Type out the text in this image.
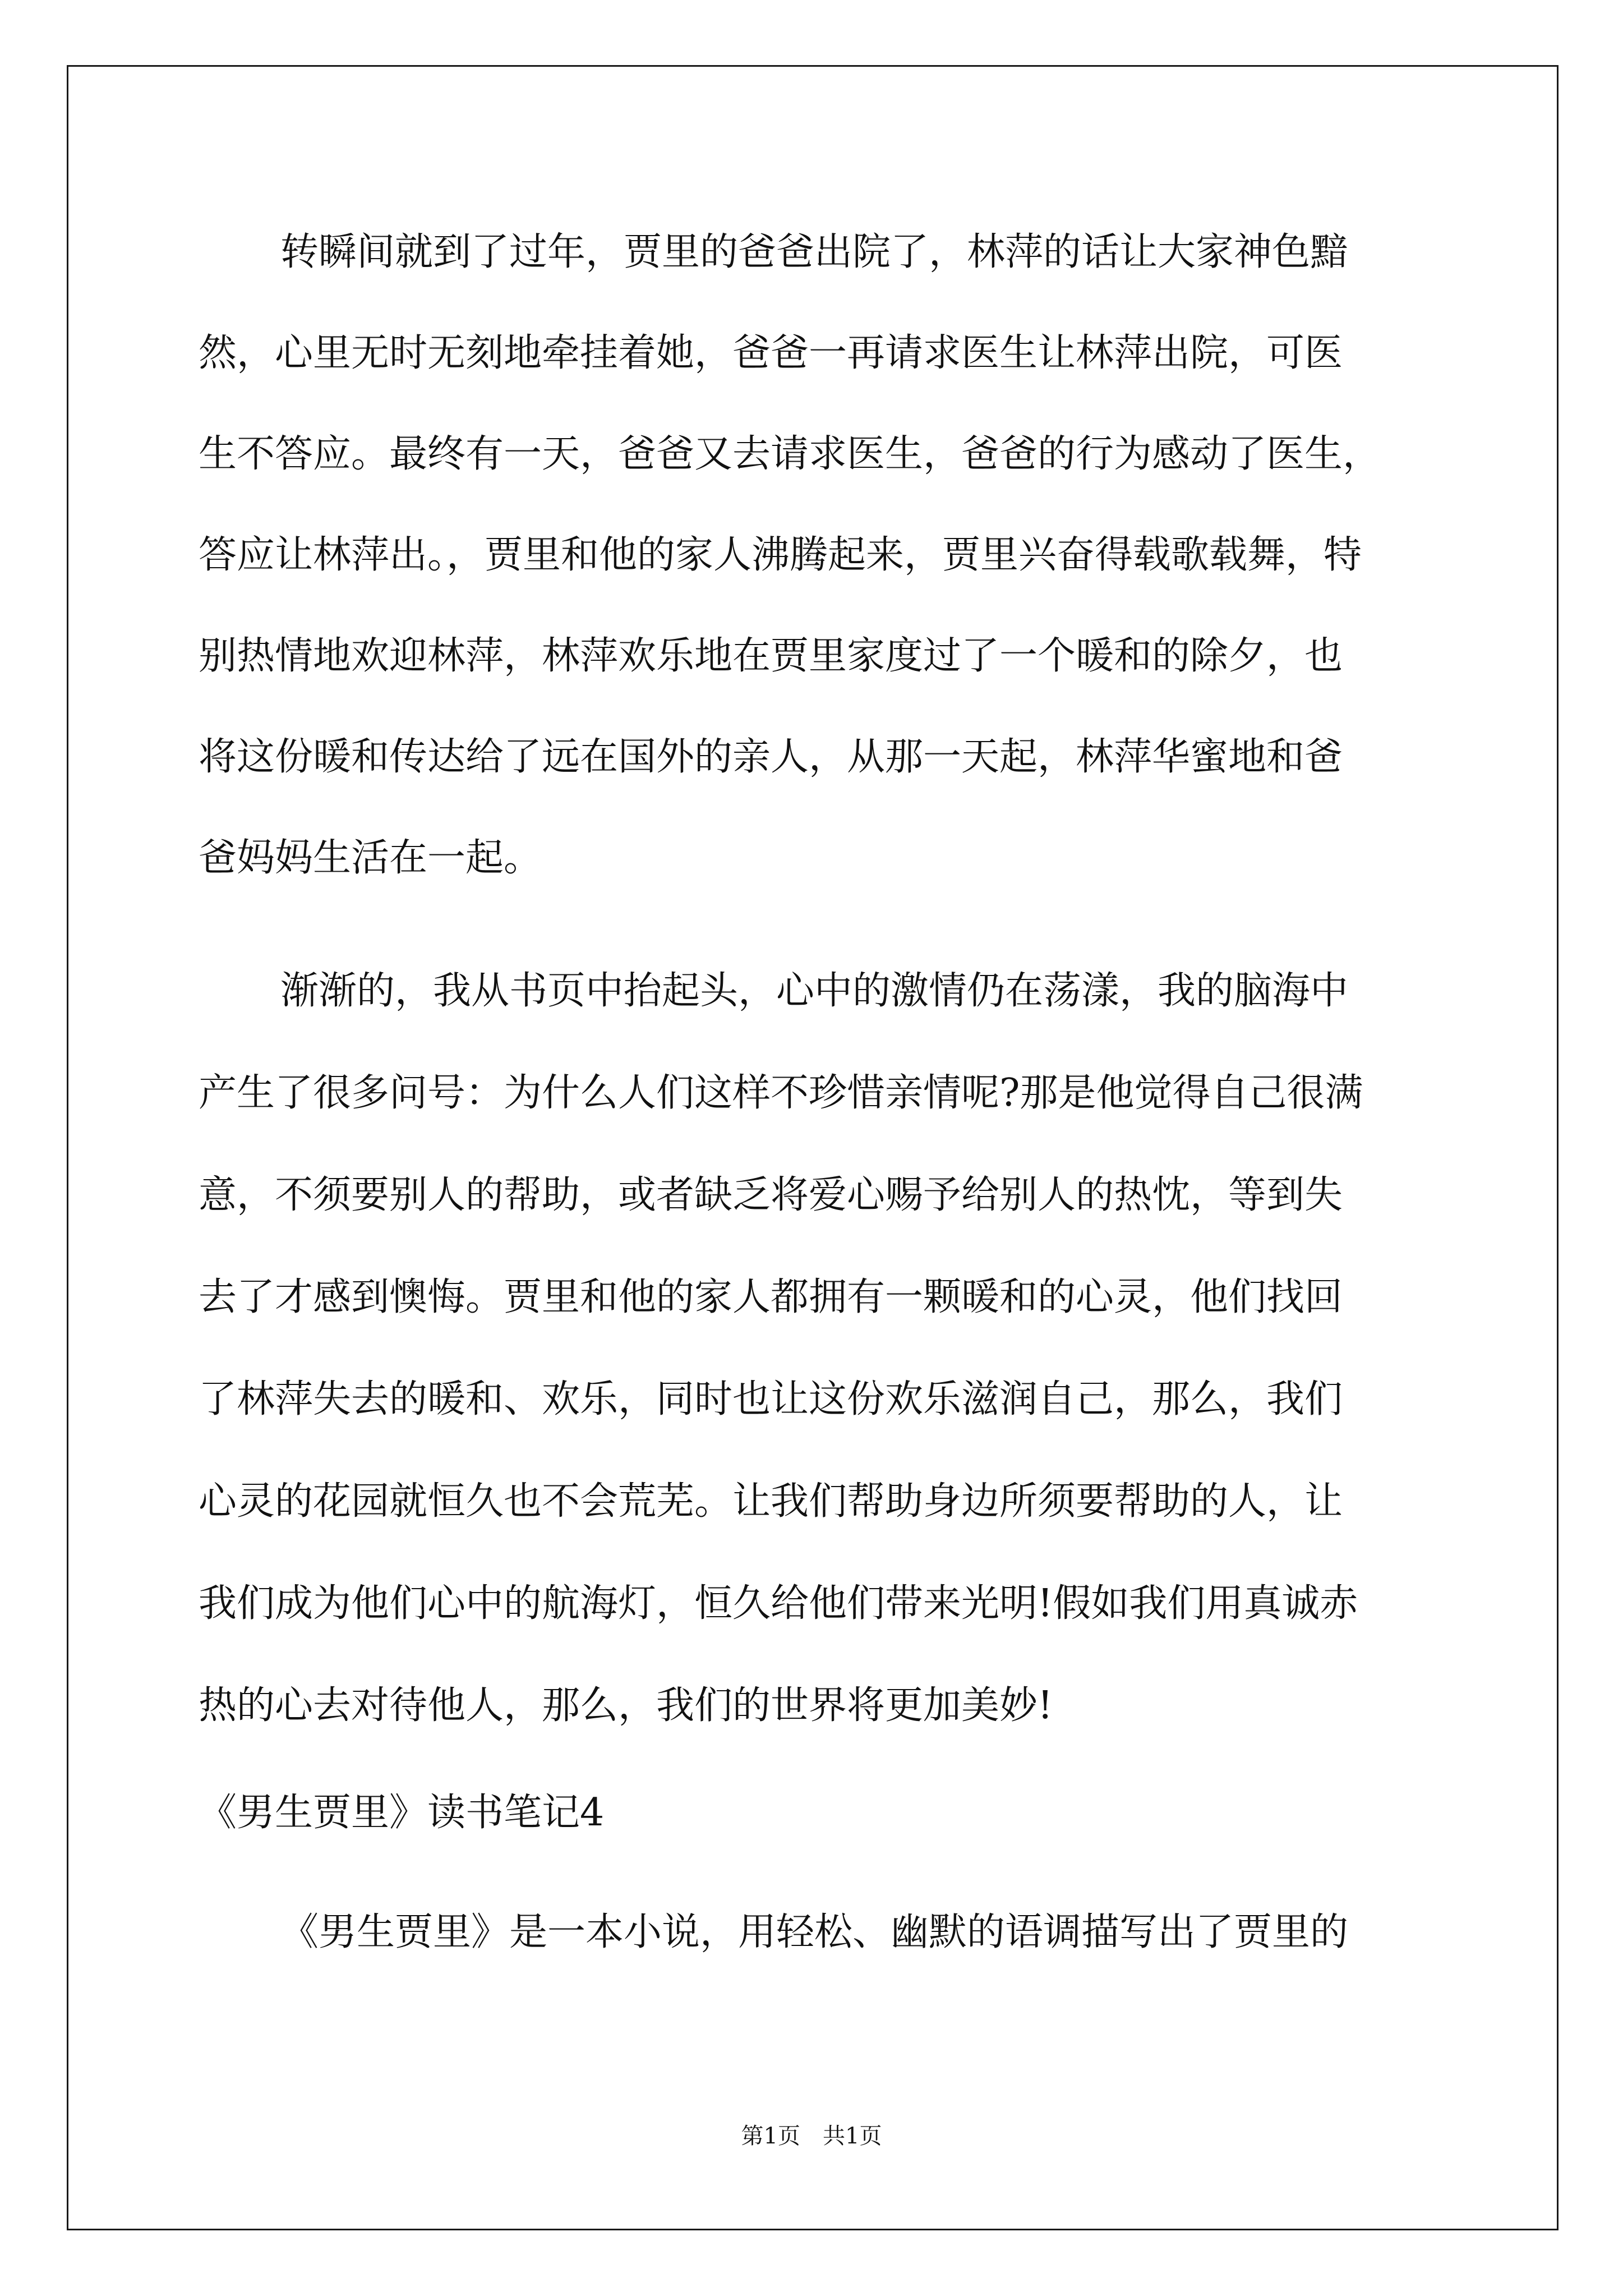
转瞬间就到了过年，贾里的爸爸出院了，林萍的话让大家神色黯
然，心里无时无刻地牵挂着她，爸爸一再请求医生让林萍出院，可医
生不答应。最终有一天，爸爸又去请求医生，爸爸的行为感动了医生，
答应让林萍出。，贾里和他的家人沸腾起来，贾里兴奋得载歌载舞，特
别热情地欢迎林萍，林萍欢乐地在贾里家度过了一个暖和的除夕，也
将这份暖和传达给了远在国外的亲人，从那一天起，林萍华蜜地和爸
爸妈妈生活在一起。
渐渐的，我从书页中抬起头，心中的激情仍在荡漾，我的脑海中
产生了很多问号：为什么人们这样不珍惜亲情呢?那是他觉得自己很满
意，不须要别人的帮助，或者缺乏将爱心赐予给别人的热忱，等到失
去了才感到懊悔。贾里和他的家人都拥有一颗暖和的心灵，他们找回
了林萍失去的暖和、欢乐，同时也让这份欢乐滋润自己，那么，我们
心灵的花园就恒久也不会荒芜。让我们帮助身边所须要帮助的人，让
我们成为他们心中的航海灯，恒久给他们带来光明!假如我们用真诚赤
热的心去对待他人，那么，我们的世界将更加美妙!
《男生贾里》读书笔记4
《男生贾里》是一本小说，用轻松、幽默的语调描写出了贾里的
第1页　共1页
